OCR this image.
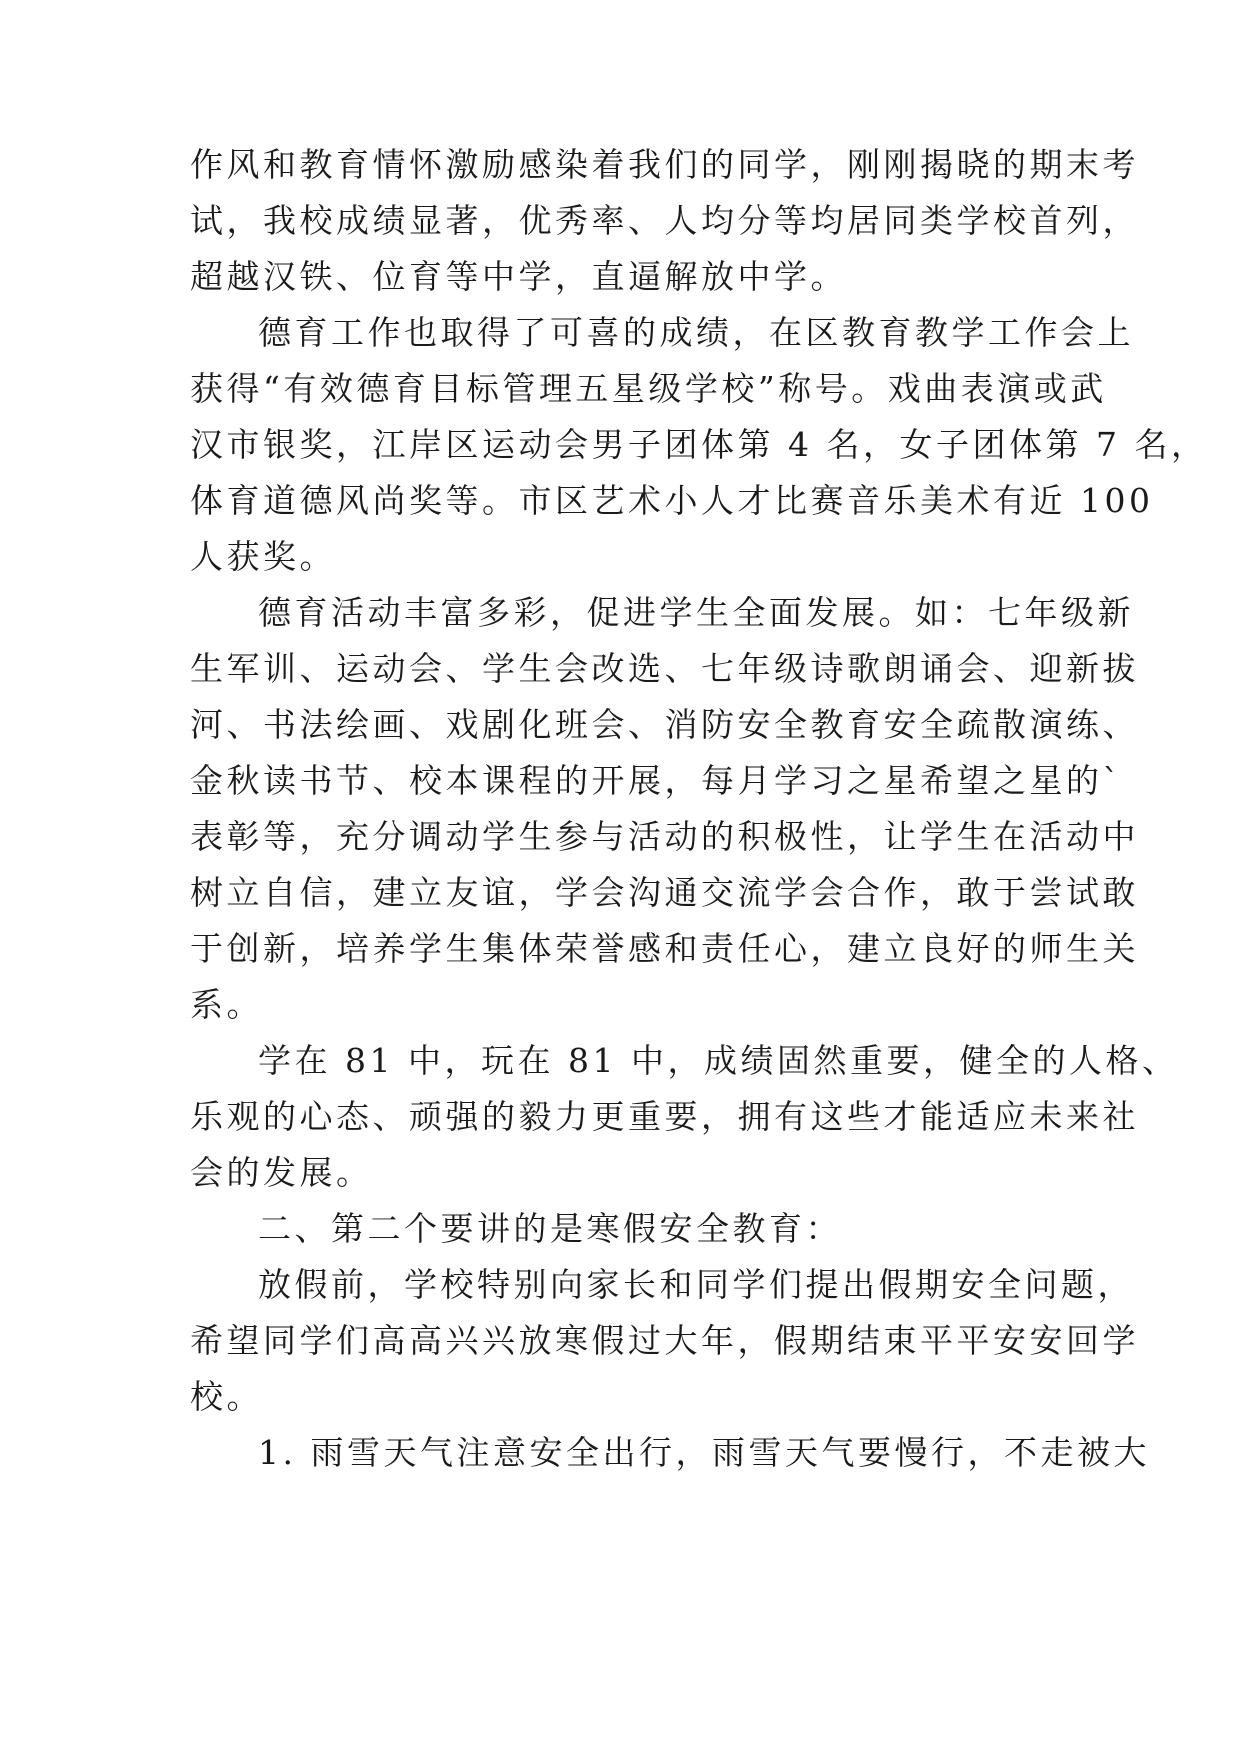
作风和教育情怀激励感染着我们的同学，刚刚揭晓的期末考
试，我校成绩显著，优秀率、人均分等均居同类学校首列，
超越汉铁、位育等中学，直逼解放中学。
德育工作也取得了可喜的成绩，在区教育教学工作会上
获得“有效德育目标管理五星级学校”称号。戏曲表演或武
汉市银奖，江岸区运动会男子团体第 4 名，女子团体第 7 名，
体育道德风尚奖等。市区艺术小人才比赛音乐美术有近 100
人获奖。
德育活动丰富多彩，促进学生全面发展。如：七年级新
生军训、运动会、学生会改选、七年级诗歌朗诵会、迎新拔
河、书法绘画、戏剧化班会、消防安全教育安全疏散演练、
金秋读书节、校本课程的开展，每月学习之星希望之星的`
表彰等，充分调动学生参与活动的积极性，让学生在活动中
树立自信，建立友谊，学会沟通交流学会合作，敢于尝试敢
于创新，培养学生集体荣誉感和责任心，建立良好的师生关
系。
学在 81 中，玩在 81 中，成绩固然重要，健全的人格、
乐观的心态、顽强的毅力更重要，拥有这些才能适应未来社
会的发展。
二、第二个要讲的是寒假安全教育：
放假前，学校特别向家长和同学们提出假期安全问题，
希望同学们高高兴兴放寒假过大年，假期结束平平安安回学
校。
1. 雨雪天气注意安全出行，雨雪天气要慢行，不走被大
